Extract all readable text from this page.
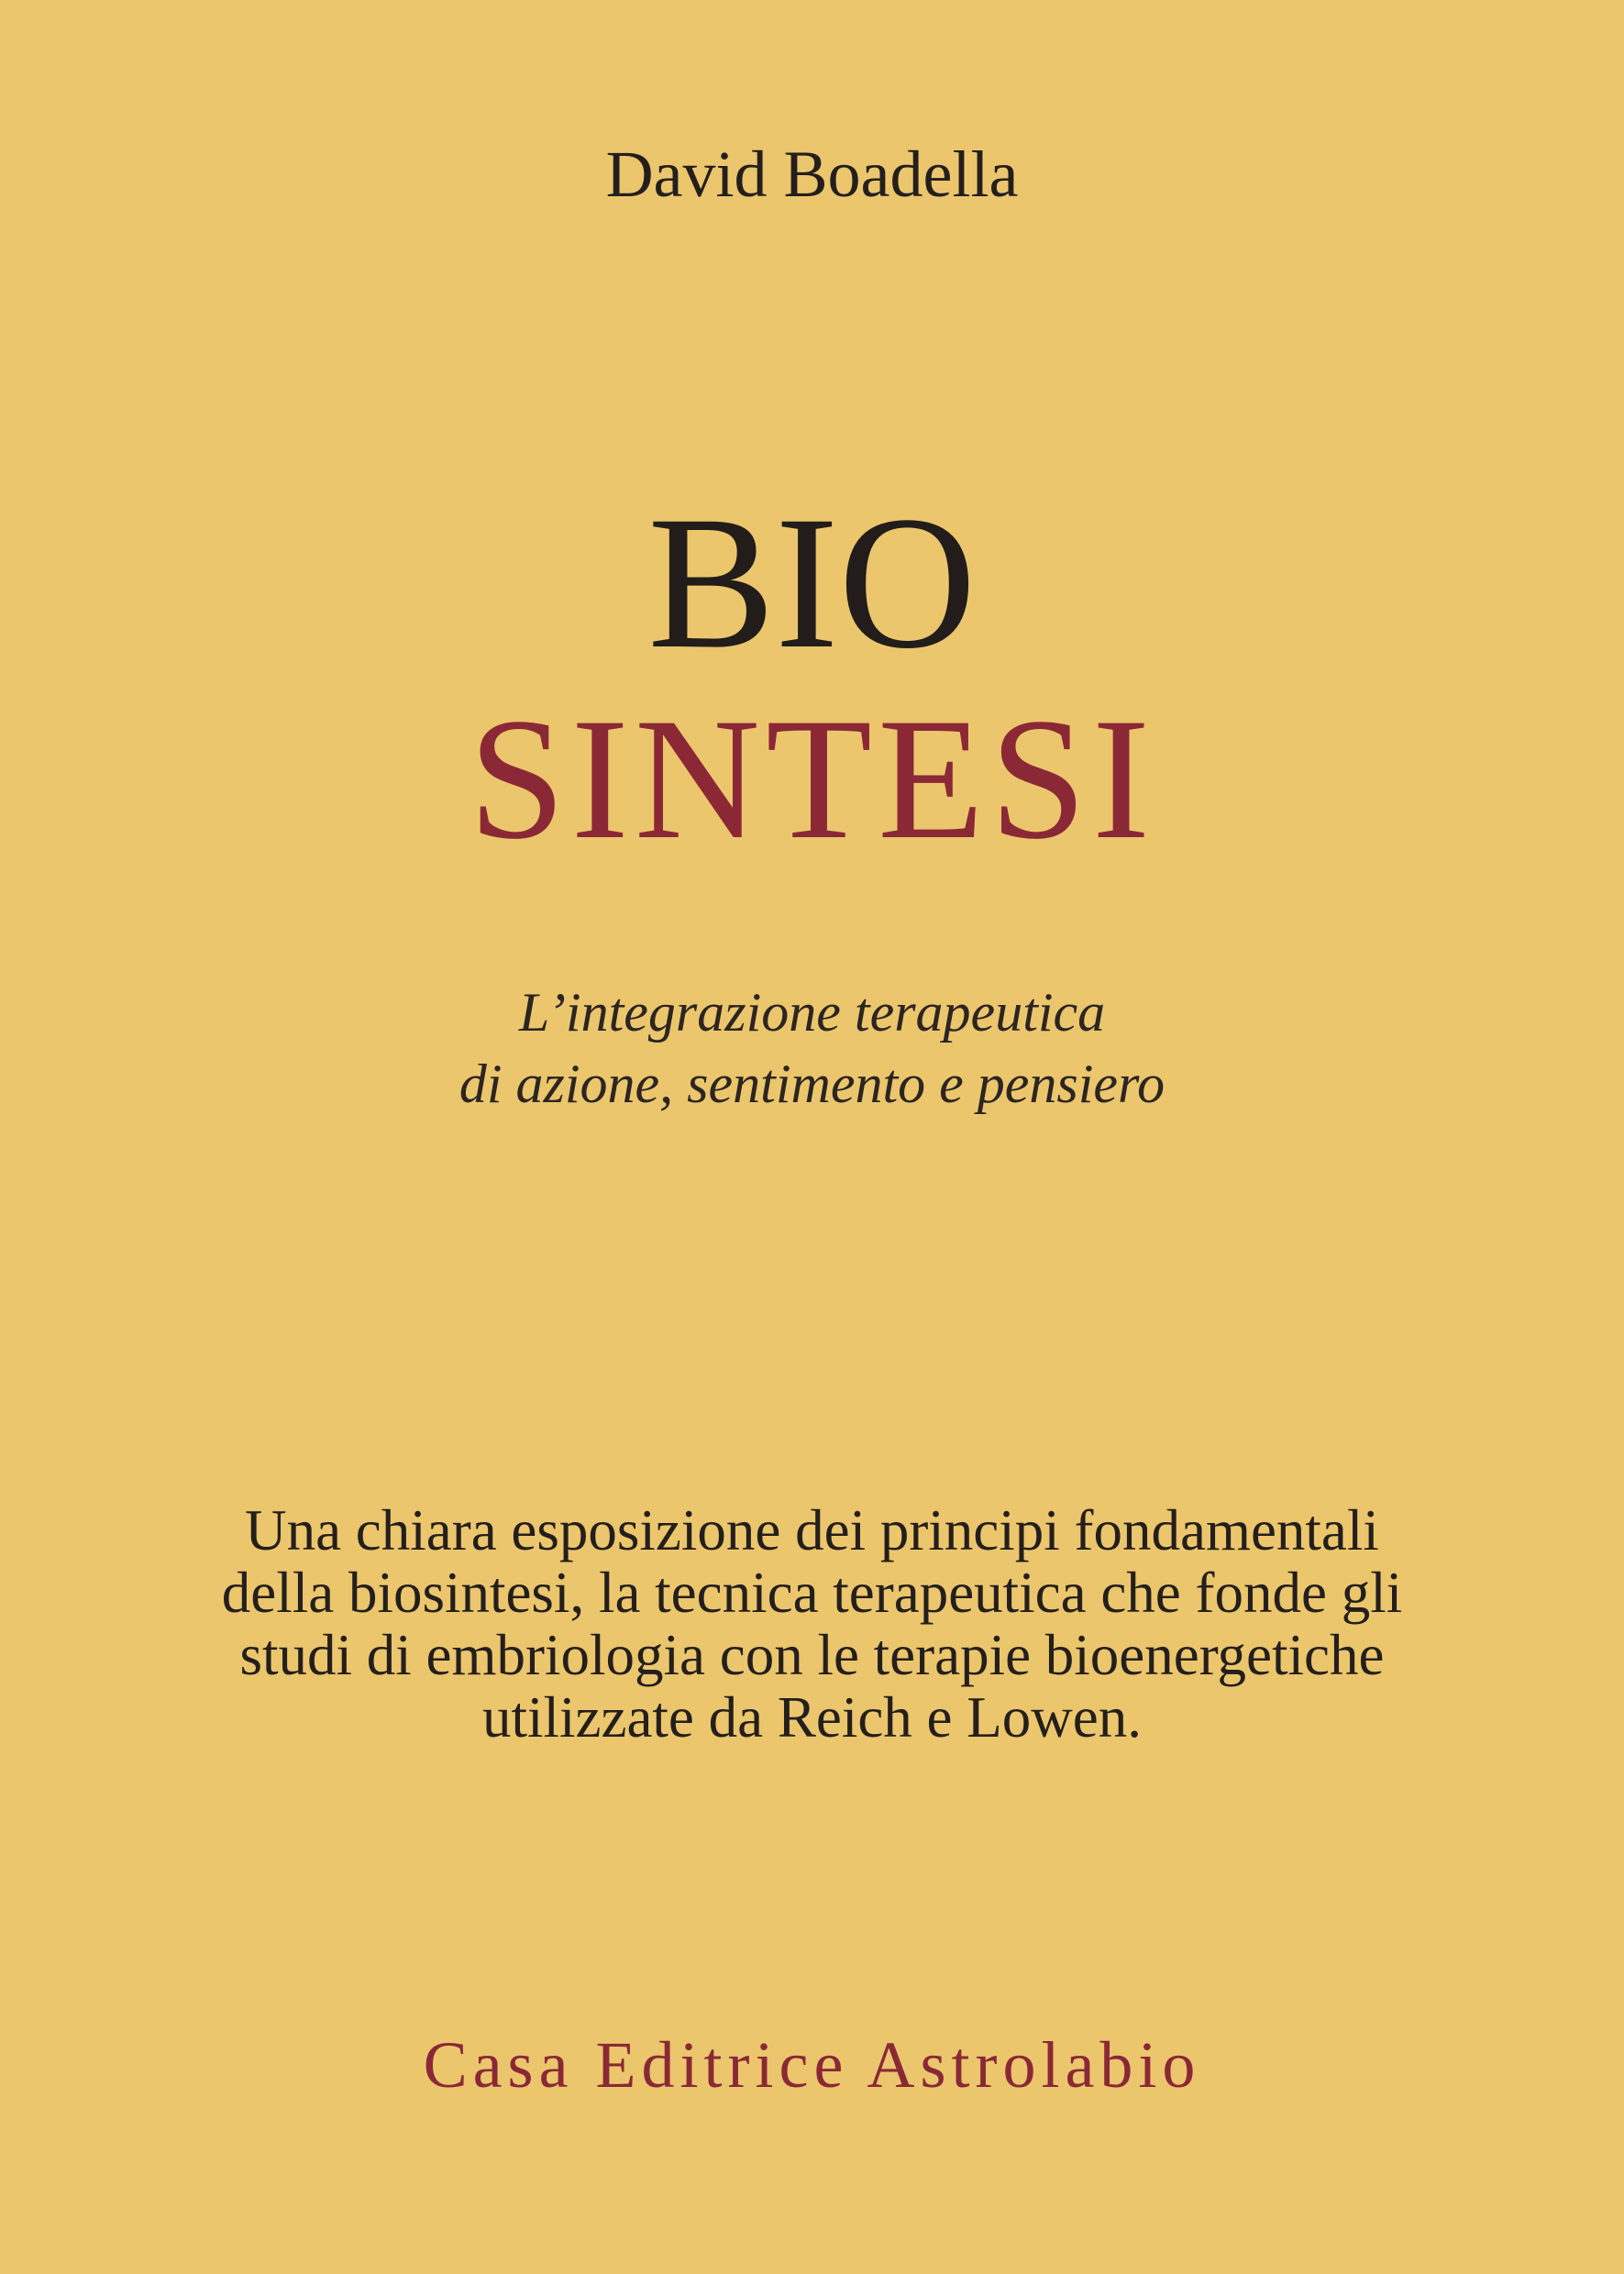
David Boadella
BIO
SINTESI
L’integrazione terapeutica
di azione, sentimento e pensiero
Una chiara esposizione dei principi fondamentali
della biosintesi, la tecnica terapeutica che fonde gli
studi di embriologia con le terapie bioenergetiche
utilizzate da Reich e Lowen.
Casa Editrice Astrolabio
